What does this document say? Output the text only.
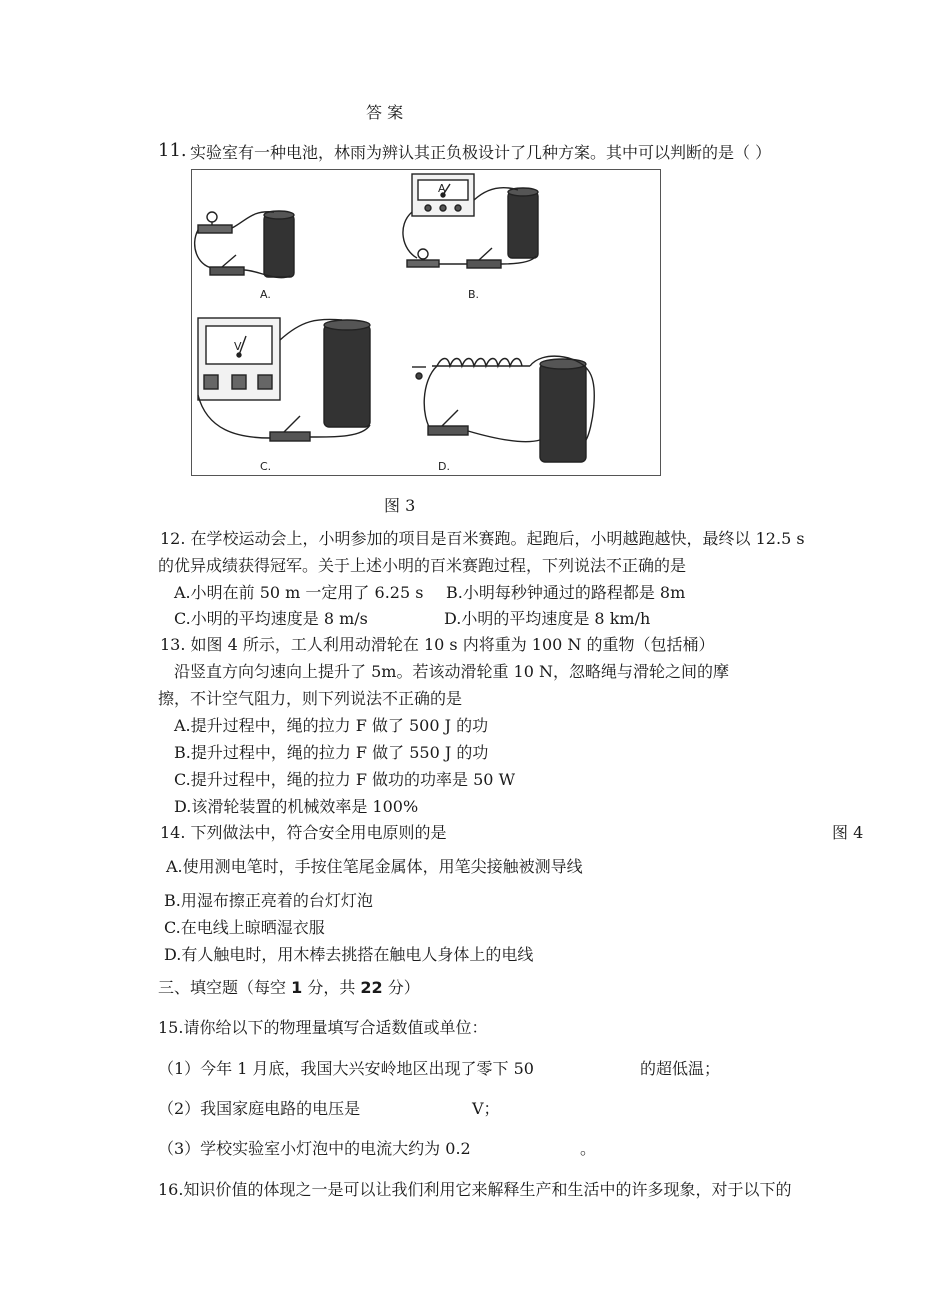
答 案
11. 实验室有一种电池，林雨为辨认其正负极设计了几种方案。其中可以判断的是（ ）
A.
A
B.
V
C.	D.
图 3
12. 在学校运动会上，小明参加的项目是百米赛跑。起跑后，小明越跑越快，最终以 12.5 s
的优异成绩获得冠军。关于上述小明的百米赛跑过程，下列说法不正确的是
A.小明在前 50 m 一定用了 6.25 s B.小明每秒钟通过的路程都是 8m
C.小明的平均速度是 8 m/s	D.小明的平均速度是 8 km/h
13. 如图 4 所示，工人利用动滑轮在 10 s 内将重为 100 N 的重物（包括桶）
沿竖直方向匀速向上提升了 5m。若该动滑轮重 10 N，忽略绳与滑轮之间的摩
擦，不计空气阻力，则下列说法不正确的是
A.提升过程中，绳的拉力 F 做了 500 J 的功
B.提升过程中，绳的拉力 F 做了 550 J 的功
C.提升过程中，绳的拉力 F 做功的功率是 50 W
D.该滑轮装置的机械效率是 100%
14. 下列做法中，符合安全用电原则的是	图 4
A.使用测电笔时，手按住笔尾金属体，用笔尖接触被测导线
B.用湿布擦正亮着的台灯灯泡
C.在电线上晾晒湿衣服
D.有人触电时，用木棒去挑搭在触电人身体上的电线
三、填空题（每空 1 分，共 22 分）
15.请你给以下的物理量填写合适数值或单位：
（1）今年 1 月底，我国大兴安岭地区出现了零下 50	的超低温；
（2）我国家庭电路的电压是	V；
（3）学校实验室小灯泡中的电流大约为 0.2	。
16.知识价值的体现之一是可以让我们利用它来解释生产和生活中的许多现象，对于以下的
